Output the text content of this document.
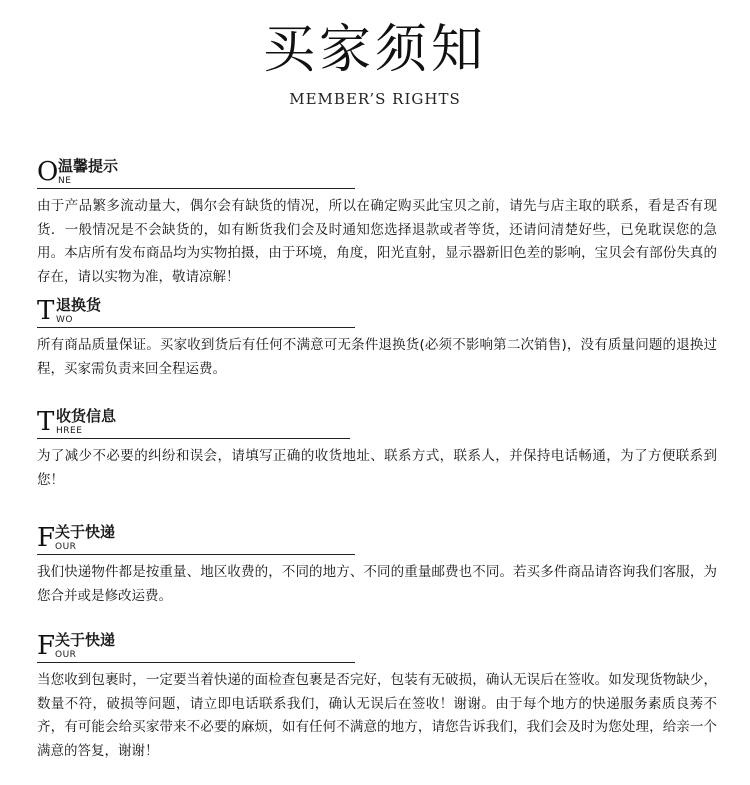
买家须知
MEMBER’S RIGHTS
O 温馨提示
NE
由于产品繁多流动量大，偶尔会有缺货的情况，所以在确定购买此宝贝之前，请先与店主取的联系，看是否有现货．一般情况是不会缺货的，如有断货我们会及时通知您选择退款或者等货，还请问清楚好些，已免耽误您的急用。本店所有发布商品均为实物拍摄，由于环境，角度，阳光直射，显示器新旧色差的影响，宝贝会有部份失真的存在，请以实物为准，敬请凉解！
T 退换货
WO
所有商品质量保证。买家收到货后有任何不满意可无条件退换货(必须不影响第二次销售)，没有质量问题的退换过程，买家需负责来回全程运费。
T 收货信息
HREE
为了减少不必要的纠纷和误会，请填写正确的收货地址、联系方式，联系人，并保持电话畅通，为了方便联系到您！
F 关于快递
OUR
我们快递物件都是按重量、地区收费的，不同的地方、不同的重量邮费也不同。若买多件商品请咨询我们客服，为您合并或是修改运费。
F 关于快递
OUR
当您收到包裹时，一定要当着快递的面检查包裹是否完好，包装有无破损，确认无误后在签收。如发现货物缺少，数量不符，破损等问题，请立即电话联系我们，确认无误后在签收！谢谢。由于每个地方的快递服务素质良莠不齐，有可能会给买家带来不必要的麻烦，如有任何不满意的地方，请您告诉我们，我们会及时为您处理，给亲一个满意的答复，谢谢！
